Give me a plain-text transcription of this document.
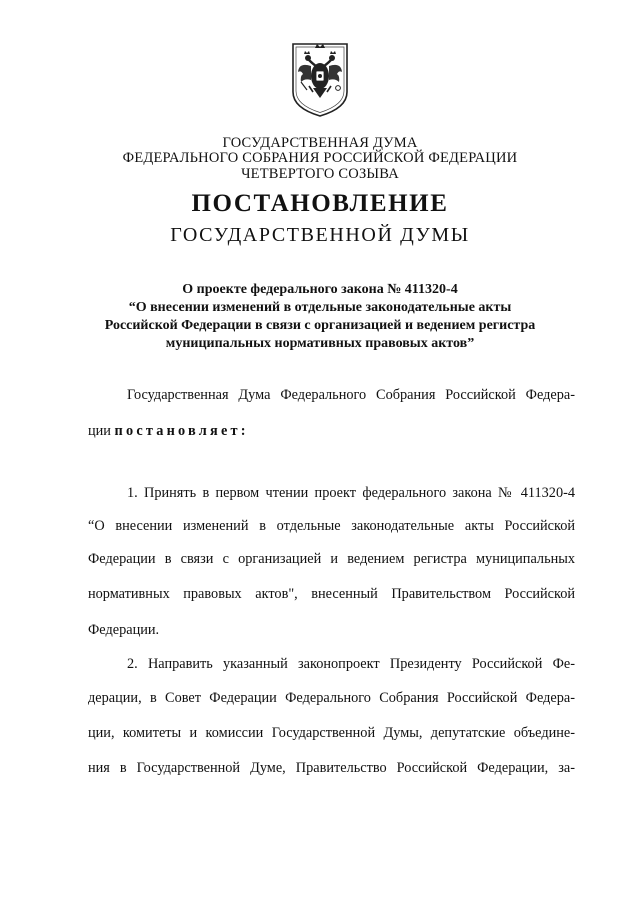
ГОСУДАРСТВЕННАЯ ДУМА
ФЕДЕРАЛЬНОГО СОБРАНИЯ РОССИЙСКОЙ ФЕДЕРАЦИИ
ЧЕТВЕРТОГО СОЗЫВА
ПОСТАНОВЛЕНИЕ
ГОСУДАРСТВЕННОЙ ДУМЫ
О проекте федерального закона № 411320-4
“О внесении изменений в отдельные законодательные акты
Российской Федерации в связи с организацией и ведением регистра
муниципальных нормативных правовых актов”
Государственная Дума Федерального Собрания Российской Федера-
ции постановляет:
1. Принять в первом чтении проект федерального закона № 411320-4
“О внесении изменений в отдельные законодательные акты Российской
Федерации в связи с организацией и ведением регистра муниципальных
нормативных правовых актов", внесенный Правительством Российской
Федерации.
2. Направить указанный законопроект Президенту Российской Фе-
дерации, в Совет Федерации Федерального Собрания Российской Федера-
ции, комитеты и комиссии Государственной Думы, депутатские объедине-
ния в Государственной Думе, Правительство Российской Федерации, за-
